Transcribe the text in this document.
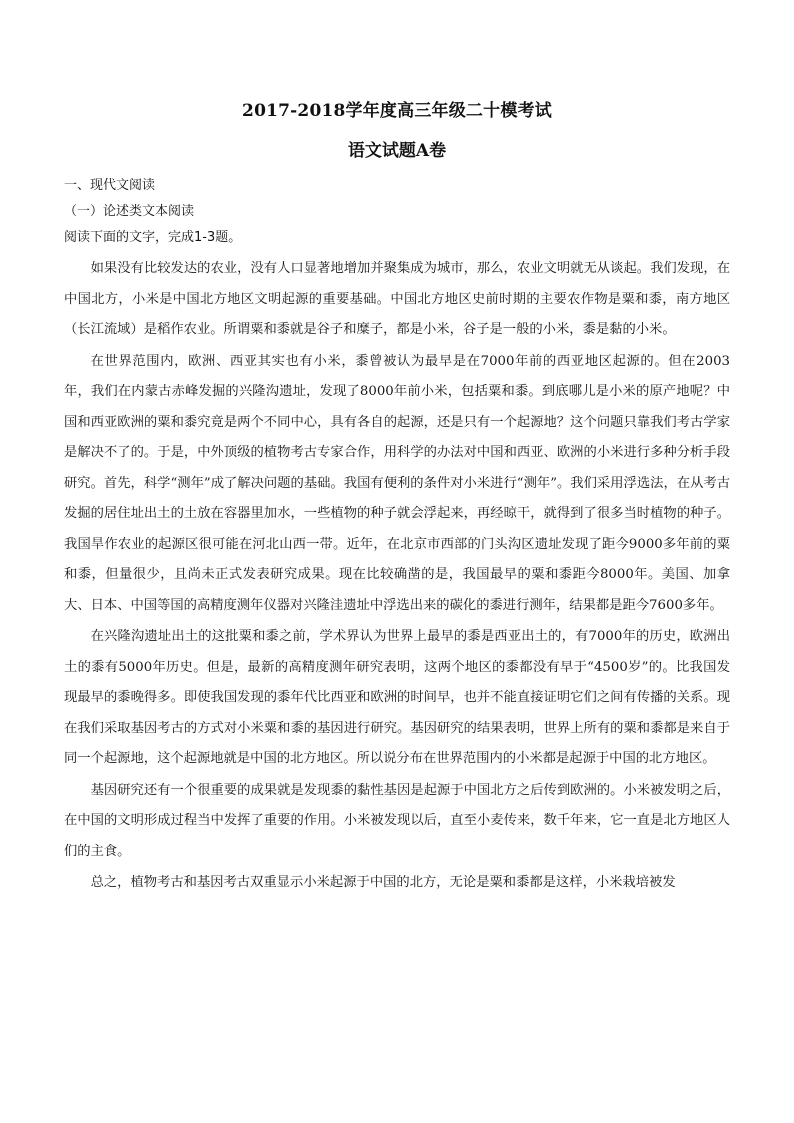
2017-2018学年度高三年级二十模考试
语文试题A卷
一、现代文阅读
（一）论述类文本阅读
阅读下面的文字，完成1-3题。
如果没有比较发达的农业，没有人口显著地增加并聚集成为城市，那么，农业文明就无从谈起。我们发现，在中国北方，小米是中国北方地区文明起源的重要基础。中国北方地区史前时期的主要农作物是粟和黍，南方地区（长江流域）是稻作农业。所谓粟和黍就是谷子和糜子，都是小米，谷子是一般的小米，黍是黏的小米。
在世界范围内，欧洲、西亚其实也有小米，黍曾被认为最早是在7000年前的西亚地区起源的。但在2003年，我们在内蒙古赤峰发掘的兴隆沟遗址，发现了8000年前小米，包括粟和黍。到底哪儿是小米的原产地呢？中国和西亚欧洲的粟和黍究竟是两个不同中心，具有各自的起源，还是只有一个起源地？这个问题只靠我们考古学家是解决不了的。于是，中外顶级的植物考古专家合作，用科学的办法对中国和西亚、欧洲的小米进行多种分析手段研究。首先，科学“测年”成了解决问题的基础。我国有便利的条件对小米进行“测年”。我们采用浮选法，在从考古发掘的居住址出土的土放在容器里加水，一些植物的种子就会浮起来，再经晾干，就得到了很多当时植物的种子。我国旱作农业的起源区很可能在河北山西一带。近年，在北京市西部的门头沟区遗址发现了距今9000多年前的粟和黍，但量很少，且尚未正式发表研究成果。现在比较确凿的是，我国最早的粟和黍距今8000年。美国、加拿大、日本、中国等国的高精度测年仪器对兴隆洼遗址中浮选出来的碳化的黍进行测年，结果都是距今7600多年。
在兴隆沟遗址出土的这批粟和黍之前，学术界认为世界上最早的黍是西亚出土的，有7000年的历史，欧洲出土的黍有5000年历史。但是，最新的高精度测年研究表明，这两个地区的黍都没有早于“4500岁”的。比我国发现最早的黍晚得多。即使我国发现的黍年代比西亚和欧洲的时间早，也并不能直接证明它们之间有传播的关系。现在我们采取基因考古的方式对小米粟和黍的基因进行研究。基因研究的结果表明，世界上所有的粟和黍都是来自于同一个起源地，这个起源地就是中国的北方地区。所以说分布在世界范围内的小米都是起源于中国的北方地区。
基因研究还有一个很重要的成果就是发现黍的黏性基因是起源于中国北方之后传到欧洲的。小米被发明之后，在中国的文明形成过程当中发挥了重要的作用。小米被发现以后，直至小麦传来，数千年来，它一直是北方地区人们的主食。
总之，植物考古和基因考古双重显示小米起源于中国的北方，无论是粟和黍都是这样，小米栽培被发
